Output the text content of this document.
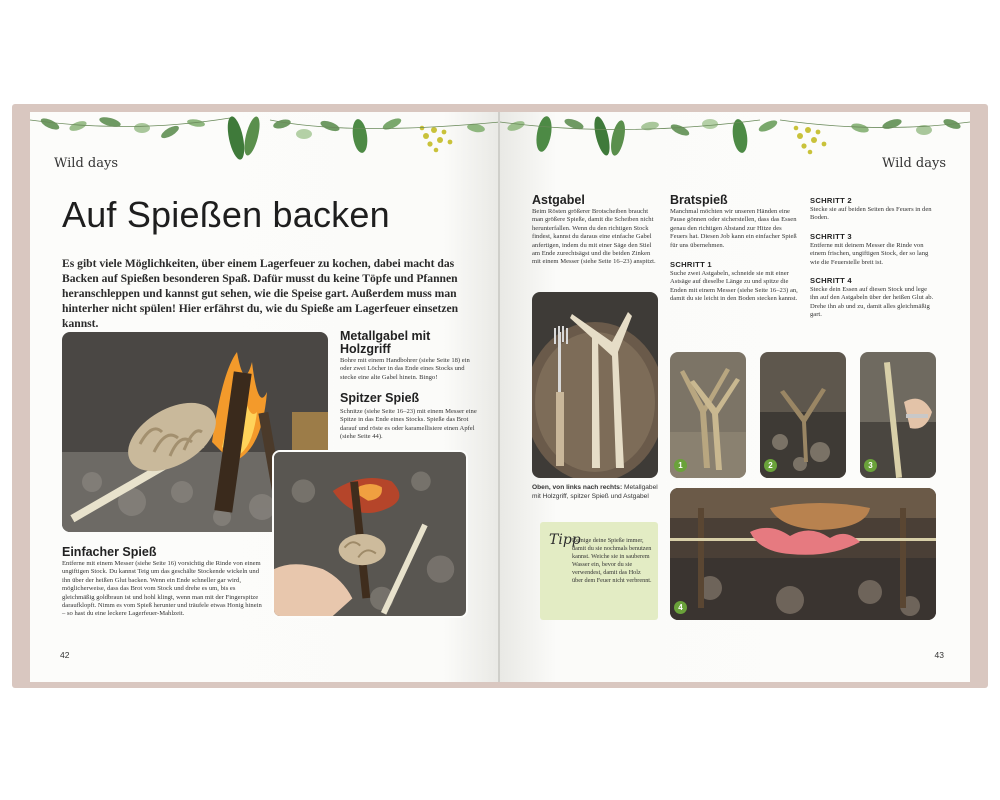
Wild days
Auf Spießen backen

Es gibt viele Möglichkeiten, über einem Lagerfeuer zu kochen, dabei macht das Backen auf Spießen besonderen Spaß. Dafür musst du keine Töpfe und Pfannen heranschleppen und kannst gut sehen, wie die Speise gart. Außerdem muss man hinterher nicht spülen! Hier erfährst du, wie du Spieße am Lagerfeuer einsetzen kannst.

Metallgabel mit Holzgriff
Bohre mit einem Handbohrer (siehe Seite 18) ein oder zwei Löcher in das Ende eines Stocks und stecke eine alte Gabel hinein. Bingo!
Spitzer Spieß
Schnitze (siehe Seite 16–23) mit einem Messer eine Spitze in das Ende eines Stocks. Spieße das Brot darauf und röste es oder karamellisiere einen Apfel (siehe Seite 44).
Einfacher Spieß
Entferne mit einem Messer (siehe Seite 16) vorsichtig die Rinde von einem ungiftigen Stock. Du kannst Teig um das geschälte Stockende wickeln und ihn über der heißen Glut backen. Wenn ein Ende schneller gar wird, möglicherweise, dass das Brot vom Stock und drehe es um, bis es gleichmäßig goldbraun ist und hohl klingt, wenn man mit der Fingerspitze daraufklopft. Nimm es vom Spieß herunter und träufele etwas Honig hinein – so hast du eine leckere Lagerfeuer-Mahlzeit.
42
Wild days
Astgabel
Beim Rösten größerer Brotscheiben braucht man größere Spieße, damit die Scheiben nicht herunterfallen. Wenn du den richtigen Stock findest, kannst du daraus eine einfache Gabel anfertigen, indem du mit einer Säge den Stiel am Ende zurechtsägst und die beiden Zinken mit einem Messer (siehe Seite 16–23) anspitzt.
Bratspieß
Manchmal möchten wir unseren Händen eine Pause gönnen oder sicherstellen, dass das Essen genau den richtigen Abstand zur Hitze des Feuers hat. Diesen Job kann ein einfacher Spieß für uns übernehmen.
SCHRITT 1
Suche zwei Astgabeln, schneide sie mit einer Astsäge auf dieselbe Länge zu und spitze die Enden mit einem Messer (siehe Seite 16–23) an, damit du sie leicht in den Boden stecken kannst.
SCHRITT 2
Stecke sie auf beiden Seiten des Feuers in den Boden.
SCHRITT 3
Entferne mit deinem Messer die Rinde von einem frischen, ungiftigen Stock, der so lang wie die Feuerstelle breit ist.
SCHRITT 4
Stecke dein Essen auf diesen Stock und lege ihn auf den Astgabeln über der heißen Glut ab. Drehe ihn ab und zu, damit alles gleichmäßig gart.
Oben, von links nach rechts: Metallgabel mit Holzgriff, spitzer Spieß und Astgabel
Tipp
Reinige deine Spieße immer, damit du sie nochmals benutzen kannst. Weiche sie in sauberem Wasser ein, bevor du sie verwendest, damit das Holz über dem Feuer nicht verbrennt.
1	2	3
4
43
